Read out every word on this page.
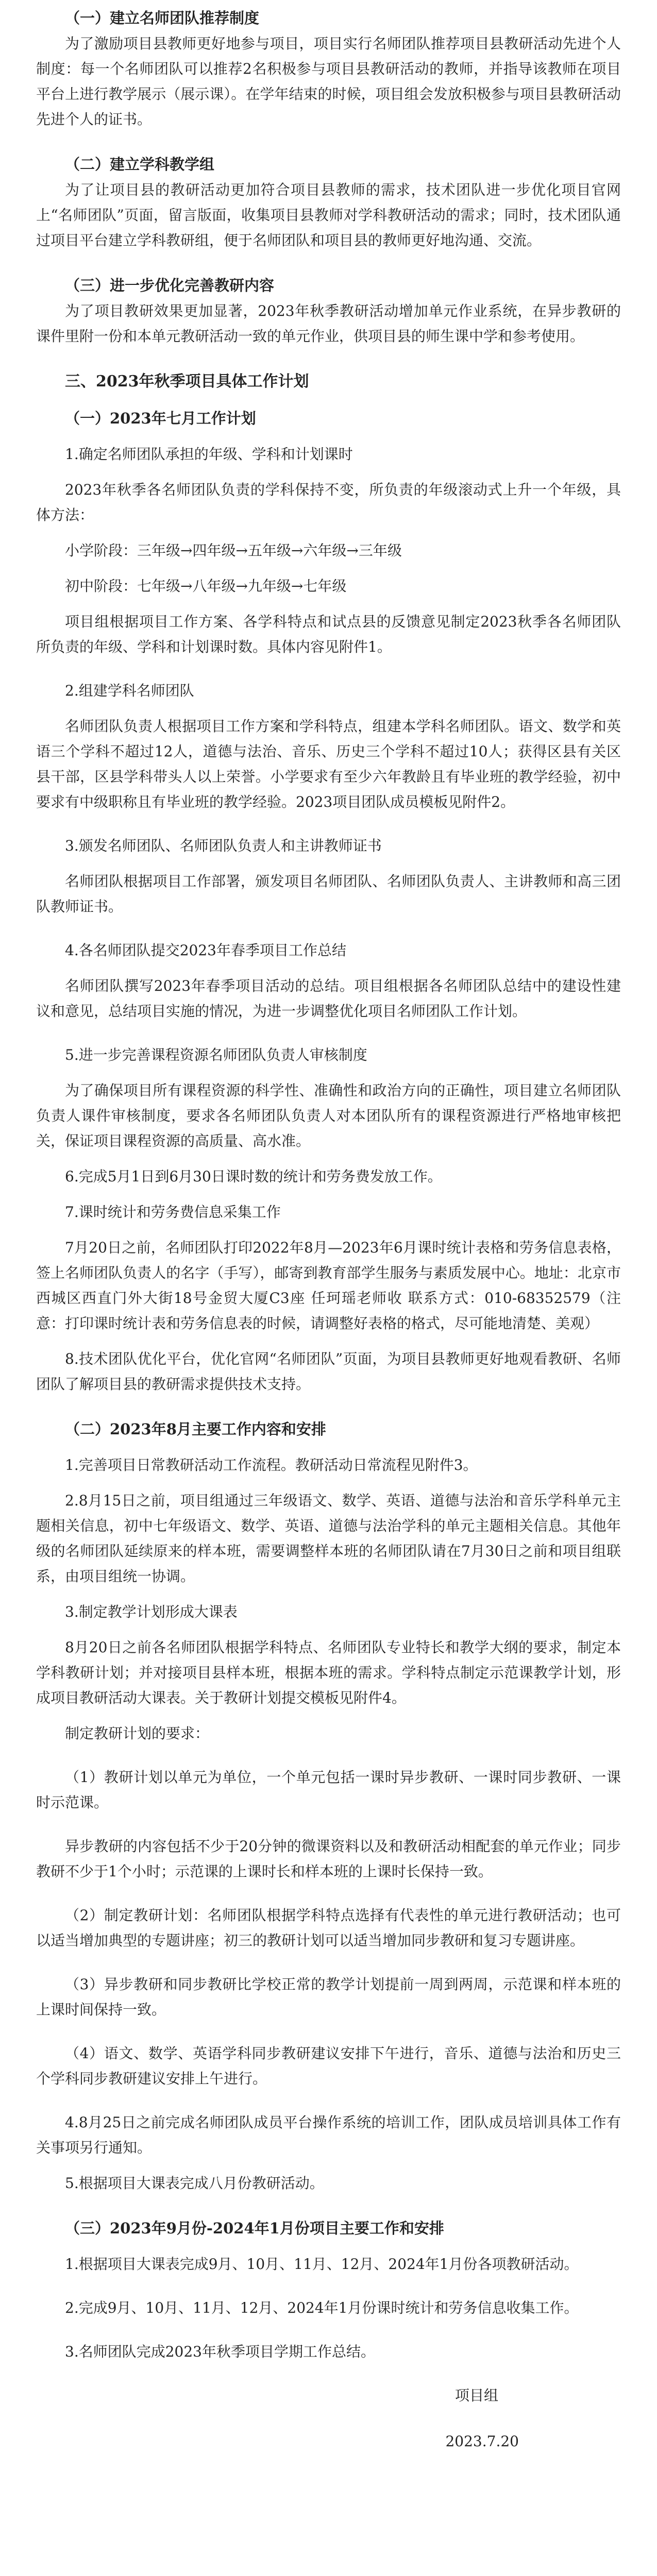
（一）建立名师团队推荐制度

为了激励项目县教师更好地参与项目，项目实行名师团队推荐项目县教研活动先进个人制度：每一个名师团队可以推荐2名积极参与项目县教研活动的教师，并指导该教师在项目平台上进行教学展示（展示课）。在学年结束的时候，项目组会发放积极参与项目县教研活动先进个人的证书。

（二）建立学科教学组

为了让项目县的教研活动更加符合项目县教师的需求，技术团队进一步优化项目官网上“名师团队”页面，留言版面，收集项目县教师对学科教研活动的需求；同时，技术团队通过项目平台建立学科教研组，便于名师团队和项目县的教师更好地沟通、交流。

（三）进一步优化完善教研内容

为了项目教研效果更加显著，2023年秋季教研活动增加单元作业系统，在异步教研的课件里附一份和本单元教研活动一致的单元作业，供项目县的师生课中学和参考使用。

三、2023年秋季项目具体工作计划
（一）2023年七月工作计划

1.确定名师团队承担的年级、学科和计划课时

2023年秋季各名师团队负责的学科保持不变，所负责的年级滚动式上升一个年级，具体方法：

小学阶段：三年级→四年级→五年级→六年级→三年级

初中阶段：七年级→八年级→九年级→七年级

项目组根据项目工作方案、各学科特点和试点县的反馈意见制定2023秋季各名师团队所负责的年级、学科和计划课时数。具体内容见附件1。

2.组建学科名师团队

名师团队负责人根据项目工作方案和学科特点，组建本学科名师团队。语文、数学和英语三个学科不超过12人，道德与法治、音乐、历史三个学科不超过10人；获得区县有关区县干部，区县学科带头人以上荣誉。小学要求有至少六年教龄且有毕业班的教学经验，初中要求有中级职称且有毕业班的教学经验。2023项目团队成员模板见附件2。

3.颁发名师团队、名师团队负责人和主讲教师证书

名师团队根据项目工作部署，颁发项目名师团队、名师团队负责人、主讲教师和高三团队教师证书。

4.各名师团队提交2023年春季项目工作总结

名师团队撰写2023年春季项目活动的总结。项目组根据各名师团队总结中的建设性建议和意见，总结项目实施的情况，为进一步调整优化项目名师团队工作计划。

5.进一步完善课程资源名师团队负责人审核制度

为了确保项目所有课程资源的科学性、准确性和政治方向的正确性，项目建立名师团队负责人课件审核制度，要求各名师团队负责人对本团队所有的课程资源进行严格地审核把关，保证项目课程资源的高质量、高水准。

6.完成5月1日到6月30日课时数的统计和劳务费发放工作。

7.课时统计和劳务费信息采集工作

7月20日之前，名师团队打印2022年8月—2023年6月课时统计表格和劳务信息表格，签上名师团队负责人的名字（手写），邮寄到教育部学生服务与素质发展中心。地址：北京市西城区西直门外大街18号金贸大厦C3座 任珂瑶老师收 联系方式：010-68352579（注意：打印课时统计表和劳务信息表的时候，请调整好表格的格式，尽可能地清楚、美观）

8.技术团队优化平台，优化官网“名师团队”页面，为项目县教师更好地观看教研、名师团队了解项目县的教研需求提供技术支持。

（二）2023年8月主要工作内容和安排

1.完善项目日常教研活动工作流程。教研活动日常流程见附件3。

2.8月15日之前，项目组通过三年级语文、数学、英语、道德与法治和音乐学科单元主题相关信息，初中七年级语文、数学、英语、道德与法治学科的单元主题相关信息。其他年级的名师团队延续原来的样本班，需要调整样本班的名师团队请在7月30日之前和项目组联系，由项目组统一协调。

3.制定教学计划形成大课表

8月20日之前各名师团队根据学科特点、名师团队专业特长和教学大纲的要求，制定本学科教研计划；并对接项目县样本班，根据本班的需求。学科特点制定示范课教学计划，形成项目教研活动大课表。关于教研计划提交模板见附件4。

制定教研计划的要求：

（1）教研计划以单元为单位，一个单元包括一课时异步教研、一课时同步教研、一课时示范课。

异步教研的内容包括不少于20分钟的微课资料以及和教研活动相配套的单元作业；同步教研不少于1个小时；示范课的上课时长和样本班的上课时长保持一致。

（2）制定教研计划：名师团队根据学科特点选择有代表性的单元进行教研活动；也可以适当增加典型的专题讲座；初三的教研计划可以适当增加同步教研和复习专题讲座。

（3）异步教研和同步教研比学校正常的教学计划提前一周到两周，示范课和样本班的上课时间保持一致。

（4）语文、数学、英语学科同步教研建议安排下午进行，音乐、道德与法治和历史三个学科同步教研建议安排上午进行。

4.8月25日之前完成名师团队成员平台操作系统的培训工作，团队成员培训具体工作有关事项另行通知。

5.根据项目大课表完成八月份教研活动。

（三）2023年9月份-2024年1月份项目主要工作和安排

1.根据项目大课表完成9月、10月、11月、12月、2024年1月份各项教研活动。

2.完成9月、10月、11月、12月、2024年1月份课时统计和劳务信息收集工作。

3.名师团队完成2023年秋季项目学期工作总结。

项目组
2023.7.20
